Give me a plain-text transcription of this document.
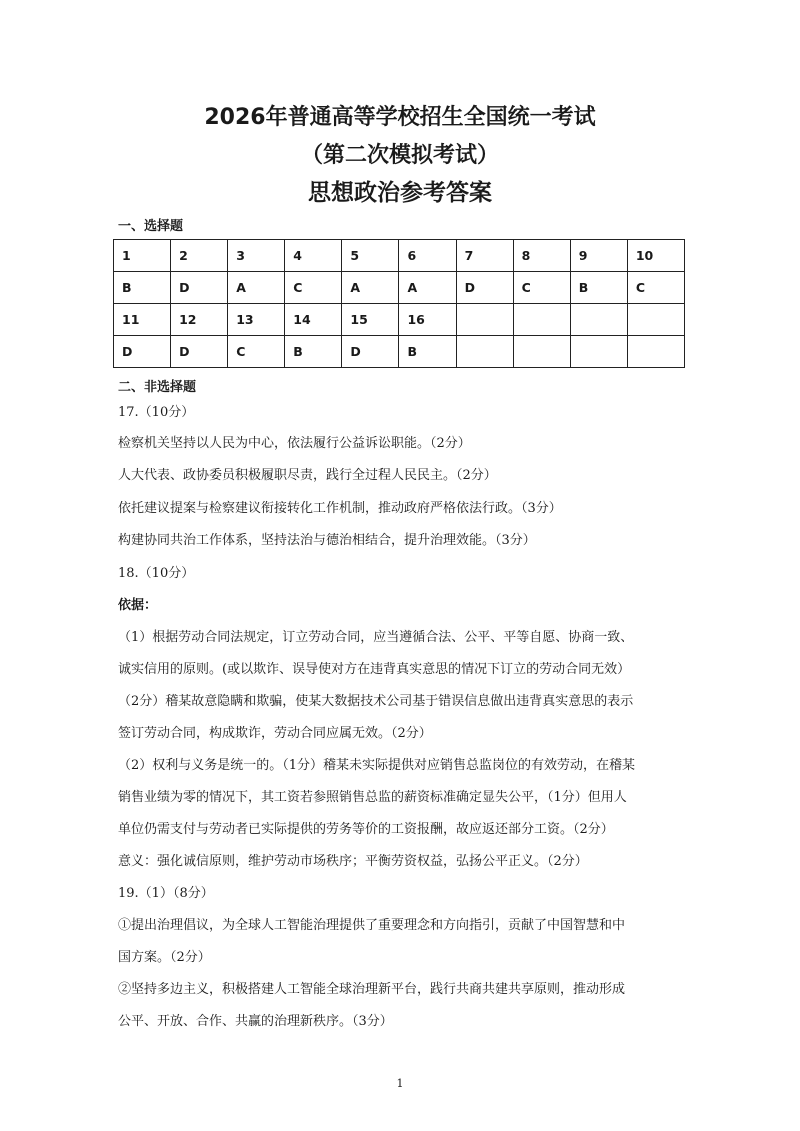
2026年普通高等学校招生全国统一考试
（第二次模拟考试）
思想政治参考答案
一、选择题
1	2	3	4	5	6	7	8	9	10
B	D	A	C	A	A	D	C	B	C
11	12	13	14	15	16				
D	D	C	B	D	B				
二、非选择题
17.（10分）
检察机关坚持以人民为中心，依法履行公益诉讼职能。（2分）
人大代表、政协委员积极履职尽责，践行全过程人民民主。（2分）
依托建议提案与检察建议衔接转化工作机制，推动政府严格依法行政。（3分）
构建协同共治工作体系，坚持法治与德治相结合，提升治理效能。（3分）
18.（10分）
依据：
（1）根据劳动合同法规定，订立劳动合同，应当遵循合法、公平、平等自愿、协商一致、
诚实信用的原则。(或以欺诈、误导使对方在违背真实意思的情况下订立的劳动合同无效）
（2分）稽某故意隐瞒和欺骗，使某大数据技术公司基于错误信息做出违背真实意思的表示
签订劳动合同，构成欺诈，劳动合同应属无效。（2分）
（2）权利与义务是统一的。（1分）稽某未实际提供对应销售总监岗位的有效劳动，在稽某
销售业绩为零的情况下，其工资若参照销售总监的薪资标准确定显失公平，（1分）但用人
单位仍需支付与劳动者已实际提供的劳务等价的工资报酬，故应返还部分工资。（2分）
意义：强化诚信原则，维护劳动市场秩序；平衡劳资权益，弘扬公平正义。（2分）
19.（1）（8分）
①提出治理倡议，为全球人工智能治理提供了重要理念和方向指引，贡献了中国智慧和中
国方案。（2分）
②坚持多边主义，积极搭建人工智能全球治理新平台，践行共商共建共享原则，推动形成
公平、开放、合作、共赢的治理新秩序。（3分）
1
